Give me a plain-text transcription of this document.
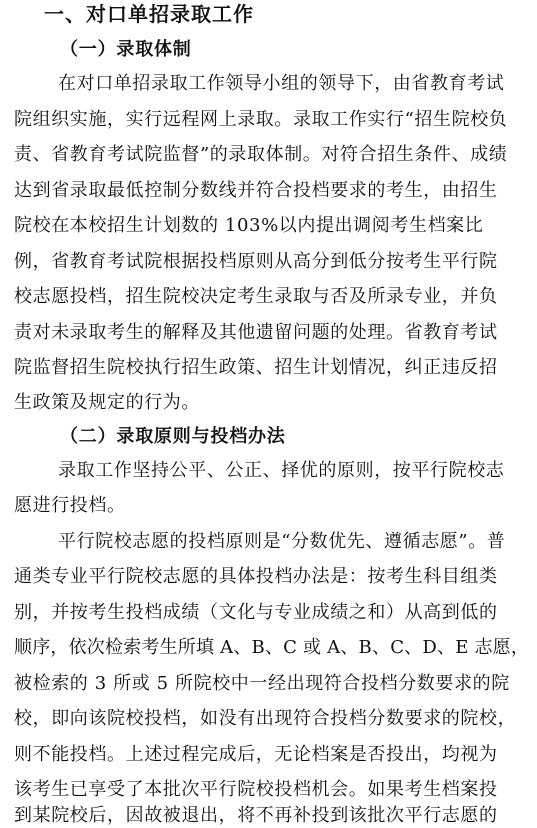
一、对口单招录取工作
（一）录取体制
在对口单招录取工作领导小组的领导下，由省教育考试
院组织实施，实行远程网上录取。录取工作实行“招生院校负
责、省教育考试院监督”的录取体制。对符合招生条件、成绩
达到省录取最低控制分数线并符合投档要求的考生，由招生
院校在本校招生计划数的 103%以内提出调阅考生档案比
例，省教育考试院根据投档原则从高分到低分按考生平行院
校志愿投档，招生院校决定考生录取与否及所录专业，并负
责对未录取考生的解释及其他遗留问题的处理。省教育考试
院监督招生院校执行招生政策、招生计划情况，纠正违反招
生政策及规定的行为。
（二）录取原则与投档办法
录取工作坚持公平、公正、择优的原则，按平行院校志
愿进行投档。
平行院校志愿的投档原则是“分数优先、遵循志愿”。普
通类专业平行院校志愿的具体投档办法是：按考生科目组类
别，并按考生投档成绩（文化与专业成绩之和）从高到低的
顺序，依次检索考生所填 A、B、C 或 A、B、C、D、E 志愿，
被检索的 3 所或 5 所院校中一经出现符合投档分数要求的院
校，即向该院校投档，如没有出现符合投档分数要求的院校，
则不能投档。上述过程完成后，无论档案是否投出，均视为
该考生已享受了本批次平行院校投档机会。如果考生档案投
到某院校后，因故被退出，将不再补投到该批次平行志愿的
